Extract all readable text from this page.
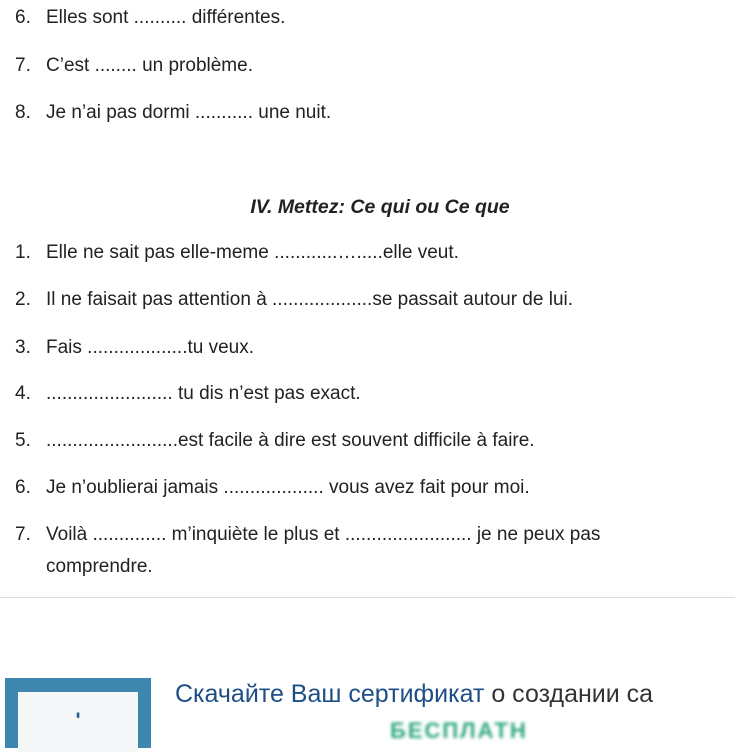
6. Elles sont .......... différentes.
7. C’est ........ un problème.
8. Je n’ai pas dormi ........... une nuit.
IV. Mettez: Ce qui ou Ce que
1. Elle ne sait pas elle-meme ............….....elle veut.
2. Il ne faisait pas attention à ...................se passait autour de lui.
3. Fais ...................tu veux.
4. ........................ tu dis n’est pas exact.
5. .........................est facile à dire est souvent difficile à faire.
6. Je n’oublierai jamais ................... vous avez fait pour moi.
7. Voilà .............. m’inquiète le plus et ........................ je ne peux pas
comprendre.
▮
Скачайте Ваш сертификат о создании са
БЕСПЛАТН
